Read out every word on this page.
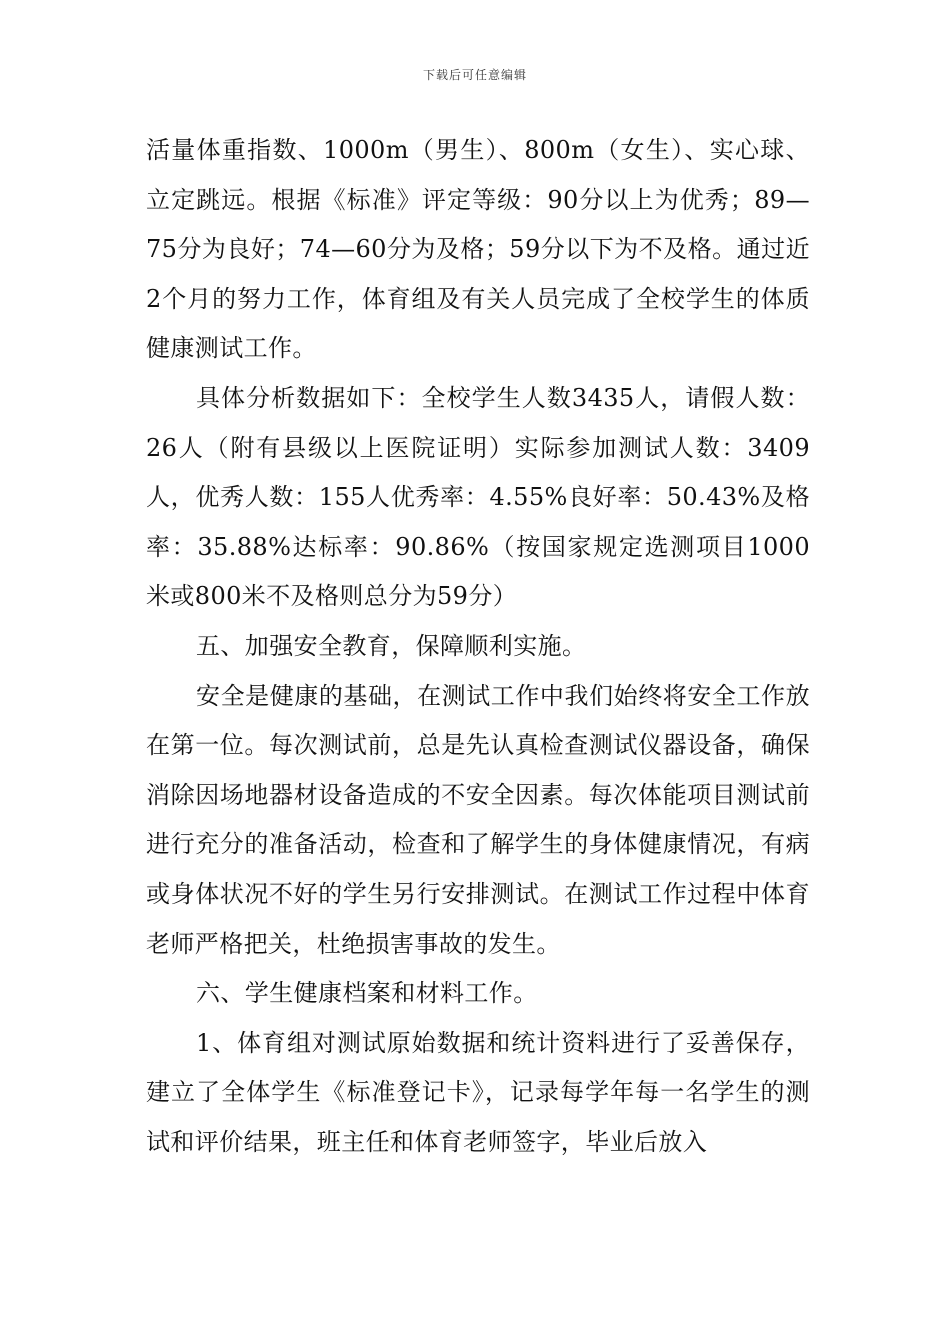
下载后可任意编辑

活量体重指数、1000m（男生）、800m（女生）、实心球、立定跳远。根据《标准》评定等级：90分以上为优秀；89—75分为良好；74—60分为及格；59分以下为不及格。通过近2个月的努力工作，体育组及有关人员完成了全校学生的体质健康测试工作。

具体分析数据如下：全校学生人数3435人，请假人数：26人（附有县级以上医院证明）实际参加测试人数：3409人，优秀人数：155人优秀率：4.55%良好率：50.43%及格率：35.88%达标率：90.86%（按国家规定选测项目1000米或800米不及格则总分为59分）

五、加强安全教育，保障顺利实施。

安全是健康的基础，在测试工作中我们始终将安全工作放在第一位。每次测试前，总是先认真检查测试仪器设备，确保消除因场地器材设备造成的不安全因素。每次体能项目测试前进行充分的准备活动，检查和了解学生的身体健康情况，有病或身体状况不好的学生另行安排测试。在测试工作过程中体育老师严格把关，杜绝损害事故的发生。

六、学生健康档案和材料工作。

1、体育组对测试原始数据和统计资料进行了妥善保存，建立了全体学生《标准登记卡》，记录每学年每一名学生的测试和评价结果，班主任和体育老师签字，毕业后放入
